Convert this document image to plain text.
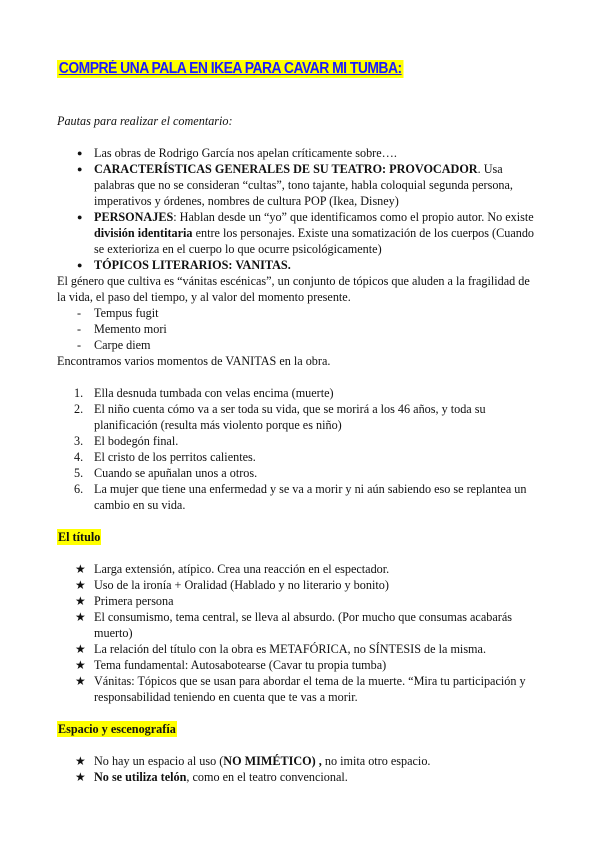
COMPRÉ UNA PALA EN IKEA PARA CAVAR MI TUMBA:
Pautas para realizar el comentario:
● Las obras de Rodrigo García nos apelan críticamente sobre….
● CARACTERÍSTICAS GENERALES DE SU TEATRO: PROVOCADOR. Usa palabras que no se consideran “cultas”, tono tajante, habla coloquial segunda persona, imperativos y órdenes, nombres de cultura POP (Ikea, Disney)
● PERSONAJES: Hablan desde un “yo” que identificamos como el propio autor. No existe división identitaria entre los personajes. Existe una somatización de los cuerpos (Cuando se exterioriza en el cuerpo lo que ocurre psicológicamente)
● TÓPICOS LITERARIOS: VANITAS.
El género que cultiva es “vánitas escénicas”, un conjunto de tópicos que aluden a la fragilidad de la vida, el paso del tiempo, y al valor del momento presente.
- Tempus fugit
- Memento mori
- Carpe diem
Encontramos varios momentos de VANITAS en la obra.
1. Ella desnuda tumbada con velas encima (muerte)
2. El niño cuenta cómo va a ser toda su vida, que se morirá a los 46 años, y toda su planificación (resulta más violento porque es niño)
3. El bodegón final.
4. El cristo de los perritos calientes.
5. Cuando se apuñalan unos a otros.
6. La mujer que tiene una enfermedad y se va a morir y ni aún sabiendo eso se replantea un cambio en su vida.
El título
★ Larga extensión, atípico. Crea una reacción en el espectador.
★ Uso de la ironía + Oralidad (Hablado y no literario y bonito)
★ Primera persona
★ El consumismo, tema central, se lleva al absurdo. (Por mucho que consumas acabarás muerto)
★ La relación del título con la obra es METAFÓRICA, no SÍNTESIS de la misma.
★ Tema fundamental: Autosabotearse (Cavar tu propia tumba)
★ Vánitas: Tópicos que se usan para abordar el tema de la muerte. “Mira tu participación y responsabilidad teniendo en cuenta que te vas a morir.
Espacio y escenografía
★ No hay un espacio al uso (NO MIMÉTICO) , no imita otro espacio.
★ No se utiliza telón, como en el teatro convencional.
